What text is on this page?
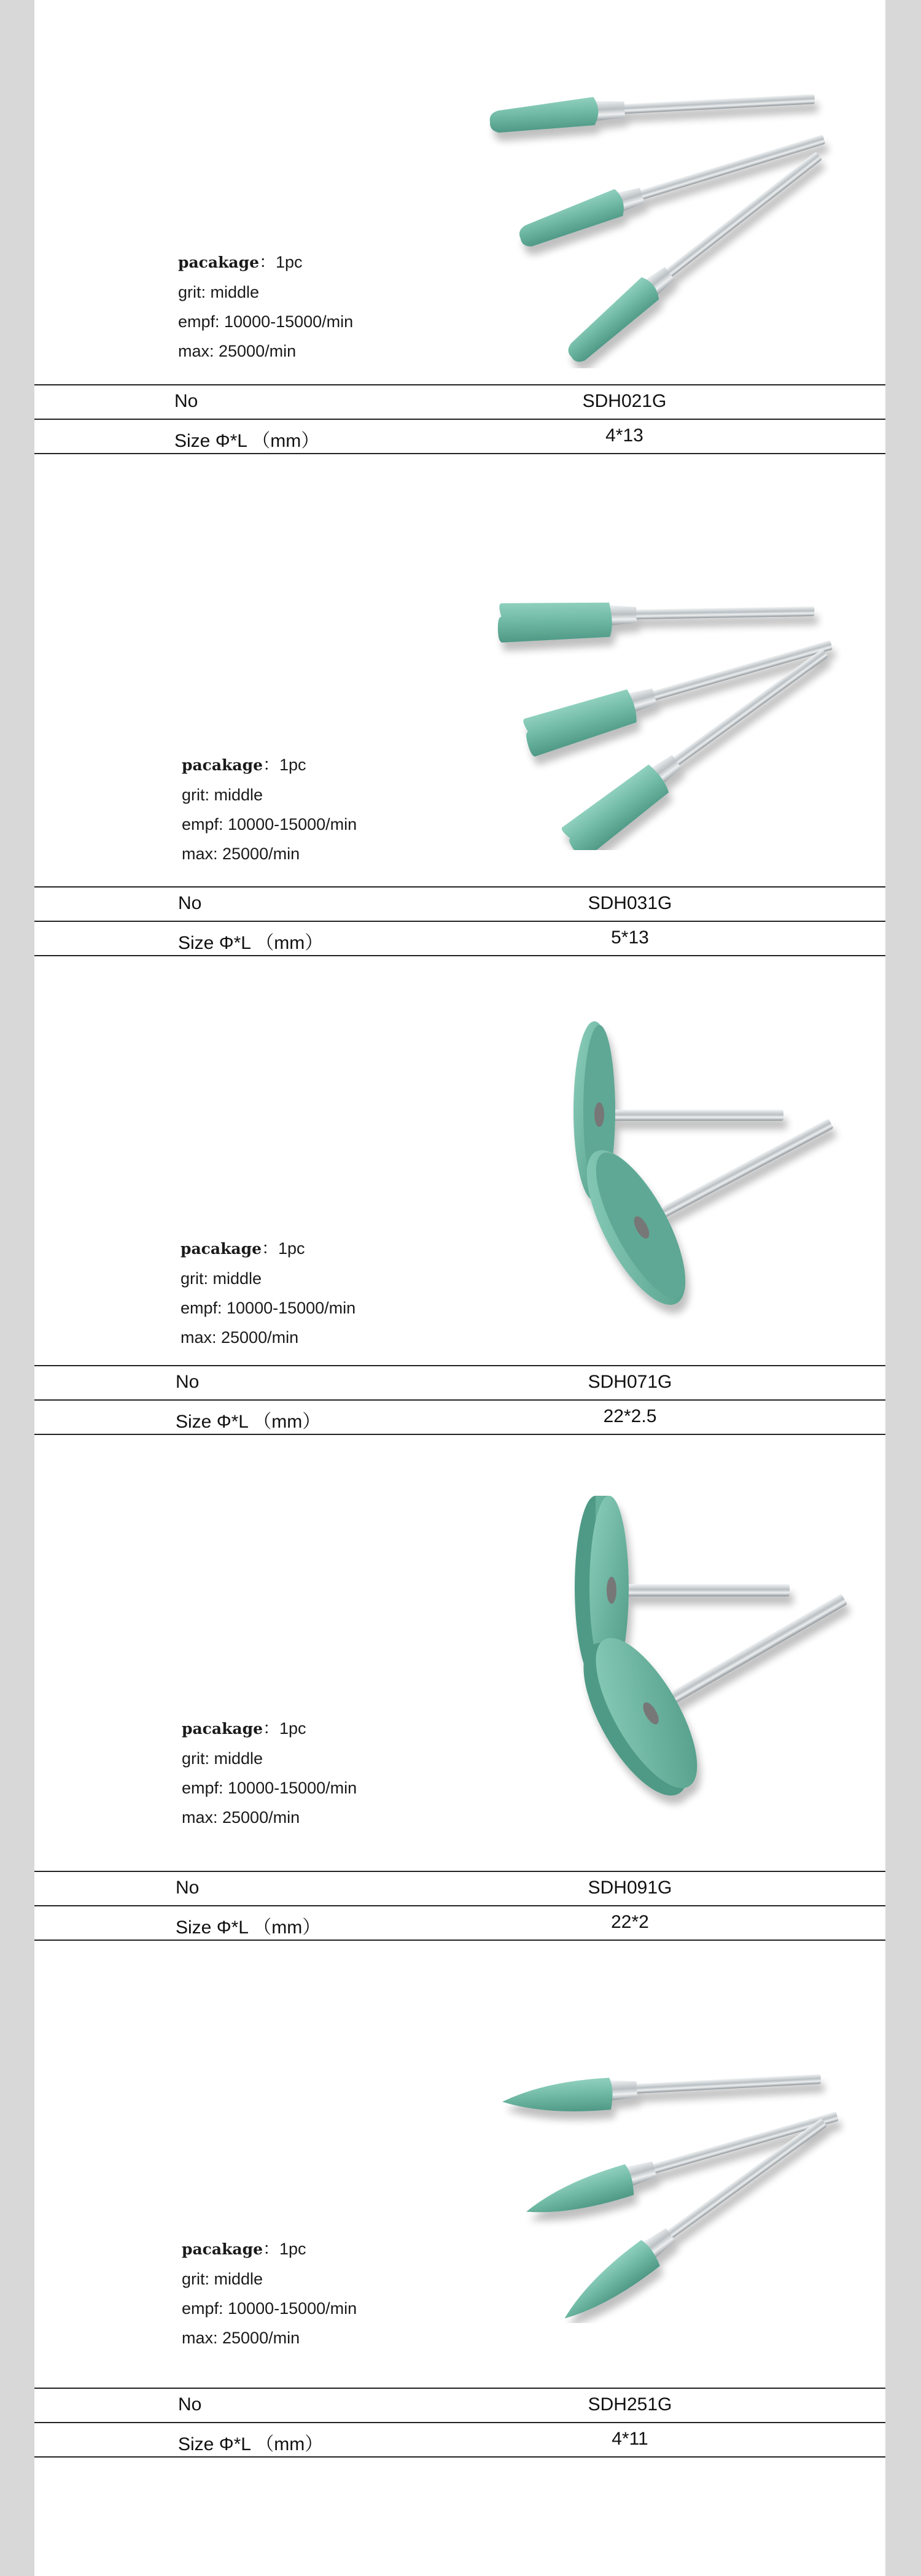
pacakage：1pc
grit: middle
empf: 10000-15000/min
max: 25000/min
No	SDH021G
Size Φ*L （mm）	4*13
pacakage：1pc
grit: middle
empf: 10000-15000/min
max: 25000/min
No	SDH031G
Size Φ*L （mm）	5*13
pacakage：1pc
grit: middle
empf: 10000-15000/min
max: 25000/min
No	SDH071G
Size Φ*L （mm）	22*2.5
pacakage：1pc
grit: middle
empf: 10000-15000/min
max: 25000/min
No	SDH091G
Size Φ*L （mm）	22*2
pacakage：1pc
grit: middle
empf: 10000-15000/min
max: 25000/min
No	SDH251G
Size Φ*L （mm）	4*11
